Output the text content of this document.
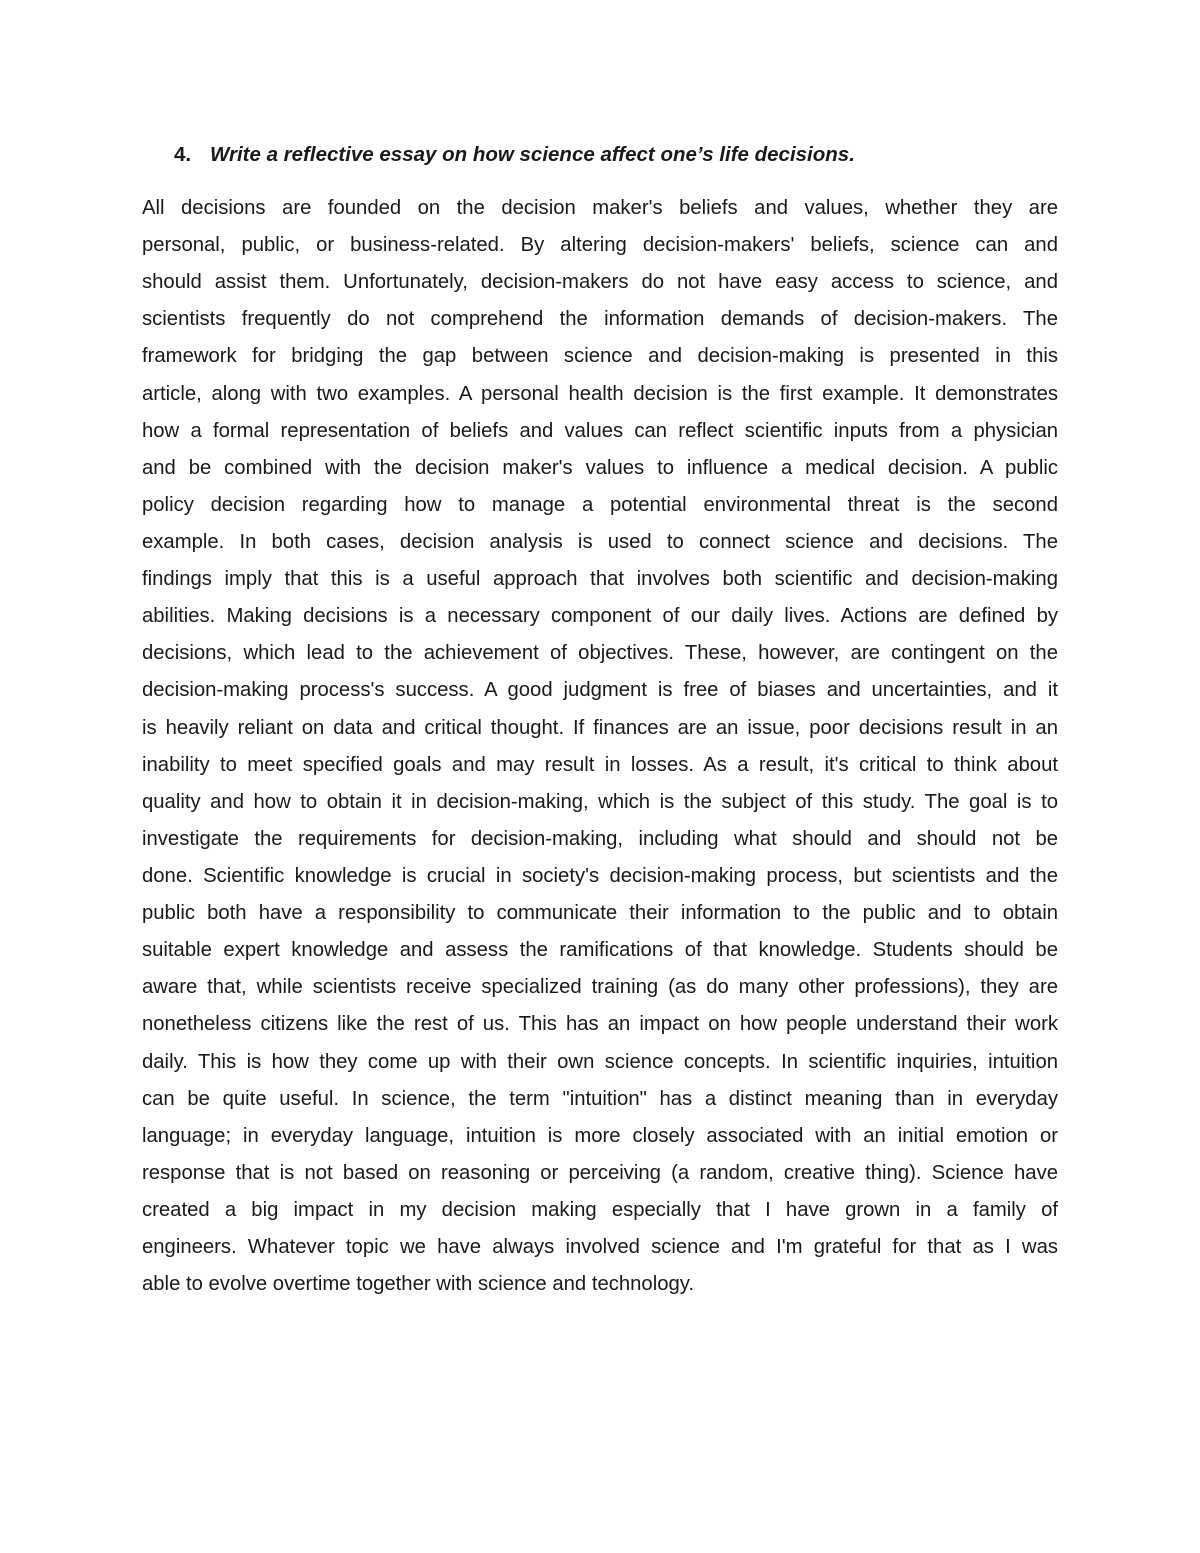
4. Write a reflective essay on how science affect one’s life decisions.
All decisions are founded on the decision maker's beliefs and values, whether they are
personal, public, or business-related. By altering decision-makers' beliefs, science can and
should assist them. Unfortunately, decision-makers do not have easy access to science, and
scientists frequently do not comprehend the information demands of decision-makers. The
framework for bridging the gap between science and decision-making is presented in this
article, along with two examples. A personal health decision is the first example. It demonstrates
how a formal representation of beliefs and values can reflect scientific inputs from a physician
and be combined with the decision maker's values to influence a medical decision. A public
policy decision regarding how to manage a potential environmental threat is the second
example. In both cases, decision analysis is used to connect science and decisions. The
findings imply that this is a useful approach that involves both scientific and decision-making
abilities. Making decisions is a necessary component of our daily lives. Actions are defined by
decisions, which lead to the achievement of objectives. These, however, are contingent on the
decision-making process's success. A good judgment is free of biases and uncertainties, and it
is heavily reliant on data and critical thought. If finances are an issue, poor decisions result in an
inability to meet specified goals and may result in losses. As a result, it's critical to think about
quality and how to obtain it in decision-making, which is the subject of this study. The goal is to
investigate the requirements for decision-making, including what should and should not be
done. Scientific knowledge is crucial in society's decision-making process, but scientists and the
public both have a responsibility to communicate their information to the public and to obtain
suitable expert knowledge and assess the ramifications of that knowledge. Students should be
aware that, while scientists receive specialized training (as do many other professions), they are
nonetheless citizens like the rest of us. This has an impact on how people understand their work
daily. This is how they come up with their own science concepts. In scientific inquiries, intuition
can be quite useful. In science, the term "intuition" has a distinct meaning than in everyday
language; in everyday language, intuition is more closely associated with an initial emotion or
response that is not based on reasoning or perceiving (a random, creative thing). Science have
created a big impact in my decision making especially that I have grown in a family of
engineers. Whatever topic we have always involved science and I'm grateful for that as I was
able to evolve overtime together with science and technology.
